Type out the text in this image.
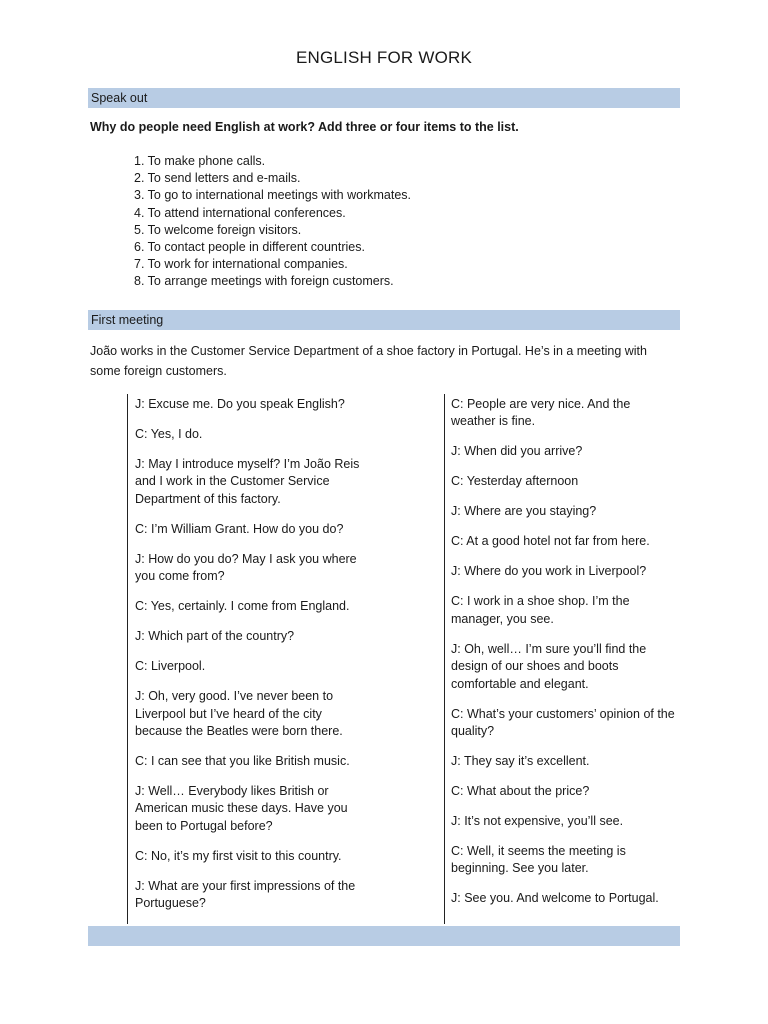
ENGLISH FOR WORK
Speak out
Why do people need English at work? Add three or four items to the list.
1. To make phone calls.
2. To send letters and e-mails.
3. To go to international meetings with workmates.
4. To attend international conferences.
5. To welcome foreign visitors.
6. To contact people in different countries.
7. To work for international companies.
8. To arrange meetings with foreign customers.
First meeting
João works in the Customer Service Department of a shoe factory in Portugal. He’s in a meeting with some foreign customers.

J: Excuse me. Do you speak English?

C: Yes, I do.

J: May I introduce myself? I’m João Reis and I work in the Customer Service Department of this factory.

C: I’m William Grant. How do you do?

J: How do you do? May I ask you where you come from?

C: Yes, certainly. I come from England.

J: Which part of the country?

C: Liverpool.

J: Oh, very good. I’ve never been to Liverpool but I’ve heard of the city because the Beatles were born there.

C: I can see that you like British music.

J: Well… Everybody likes British or American music these days. Have you been to Portugal before?

C: No, it’s my first visit to this country.

J: What are your first impressions of the Portuguese?

C: People are very nice. And the weather is fine.

J: When did you arrive?

C: Yesterday afternoon

J: Where are you staying?

C: At a good hotel not far from here.

J: Where do you work in Liverpool?

C: I work in a shoe shop. I’m the manager, you see.

J: Oh, well… I’m sure you’ll find the design of our shoes and boots comfortable and elegant.

C: What’s your customers’ opinion of the quality?

J: They say it’s excellent.

C: What about the price?

J: It’s not expensive, you’ll see.

C: Well, it seems the meeting is beginning. See you later.

J: See you. And welcome to Portugal.
